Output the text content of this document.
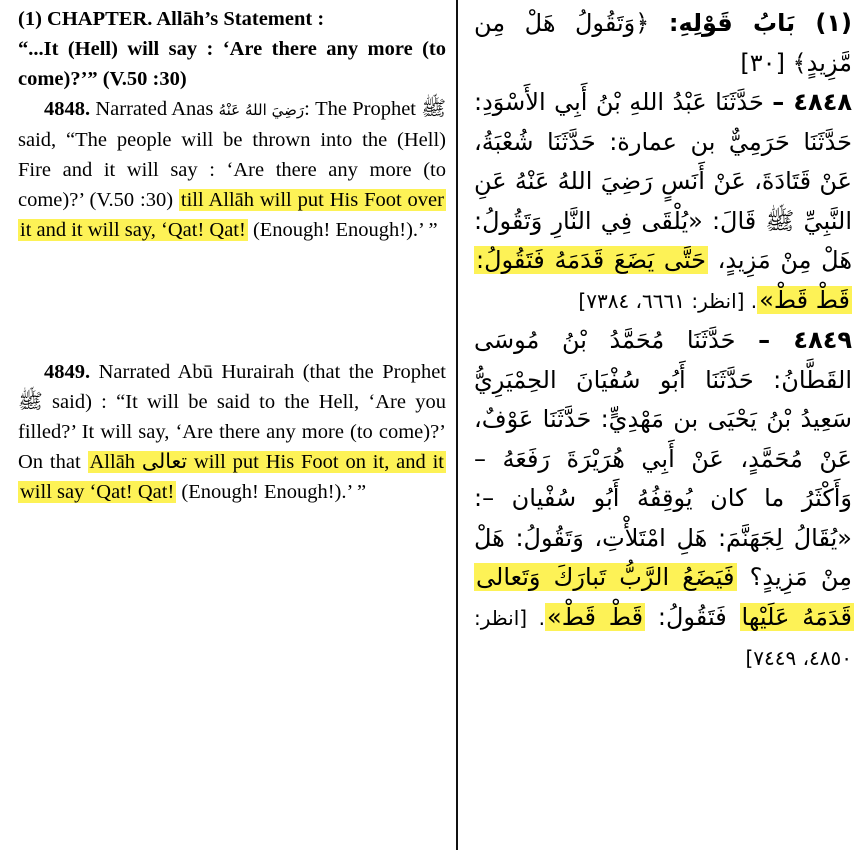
(1) CHAPTER. Allāh’s Statement :
“...It (Hell) will say : ‘Are there any more (to come)?’” (V.50 :30)

4848. Narrated Anas رَضِيَ اللهُ عَنْهُ: The Prophet ﷺ said, “The people will be thrown into the (Hell) Fire and it will say : ‘Are there any more (to come)?’ (V.50 :30) till Allāh will put His Foot over it and it will say, ‘Qat! Qat! (Enough! Enough!).’ ”

4849. Narrated Abū Hurairah (that the Prophet ﷺ said) : “It will be said to the Hell, ‘Are you filled?’ It will say, ‘Are there any more (to come)?’ On that Allāh تعالى will put His Foot on it, and it will say ‘Qat! Qat! (Enough! Enough!).’ ”

(١) بَابُ قَوْلِهِ: ﴿وَتَقُولُ هَلْ مِن مَّزِيدٍ﴾ [٣٠]

٤٨٤٨ – حَدَّثَنَا عَبْدُ اللهِ بْنُ أَبِي الأَسْوَدِ: حَدَّثَنَا حَرَمِيٌّ بن عمارة: حَدَّثَنَا شُعْبَةُ، عَنْ قَتَادَةَ، عَنْ أَنَسٍ رَضِيَ اللهُ عَنْهُ عَنِ النَّبِيِّ ﷺ قَالَ: «يُلْقَى فِي النَّارِ وَتَقُولُ: هَلْ مِنْ مَزِيدٍ، حَتَّى يَضَعَ قَدَمَهُ فَتَقُولُ: قَطْ قَطْ». [انظر: ٦٦٦١، ٧٣٨٤]

٤٨٤٩ – حَدَّثَنَا مُحَمَّدُ بْنُ مُوسَى القَطَّانُ: حَدَّثَنَا أَبُو سُفْيَانَ الحِمْيَرِيُّ سَعِيدُ بْنُ يَحْيَى بن مَهْدِيٍّ: حَدَّثَنَا عَوْفٌ، عَنْ مُحَمَّدٍ، عَنْ أَبِي هُرَيْرَةَ رَفَعَهُ – وَأَكْثَرُ ما كان يُوقِفُهُ أَبُو سُفْيان –: «يُقَالُ لِجَهَنَّمَ: هَلِ امْتَلأْتِ، وَتَقُولُ: هَلْ مِنْ مَزِيدٍ؟ فَيَضَعُ الرَّبُّ تَبارَكَ وَتَعالى قَدَمَهُ عَلَيْها فَتَقُولُ: قَطْ قَطْ». [انظر: ٤٨٥٠، ٧٤٤٩]
